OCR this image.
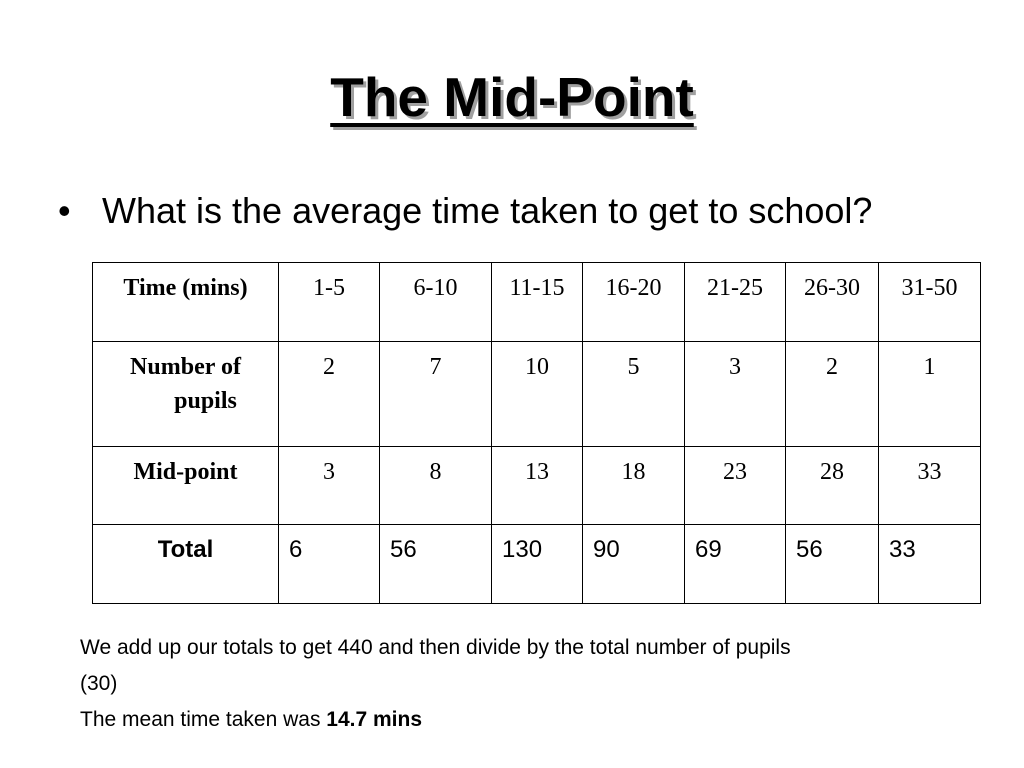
The Mid-Point
• What is the average time taken to get to school?
Time (mins)	1-5	6-10	11-15	16-20	21-25	26-30	31-50

Number of
pupils	2	7	10	5	3	2	1
Mid-point	3	8	13	18	23	28	33
Total	6	56	130	90	69	56	33

We add up our totals to get 440 and then divide by the total number of pupils

(30)

The mean time taken was 14.7 mins
